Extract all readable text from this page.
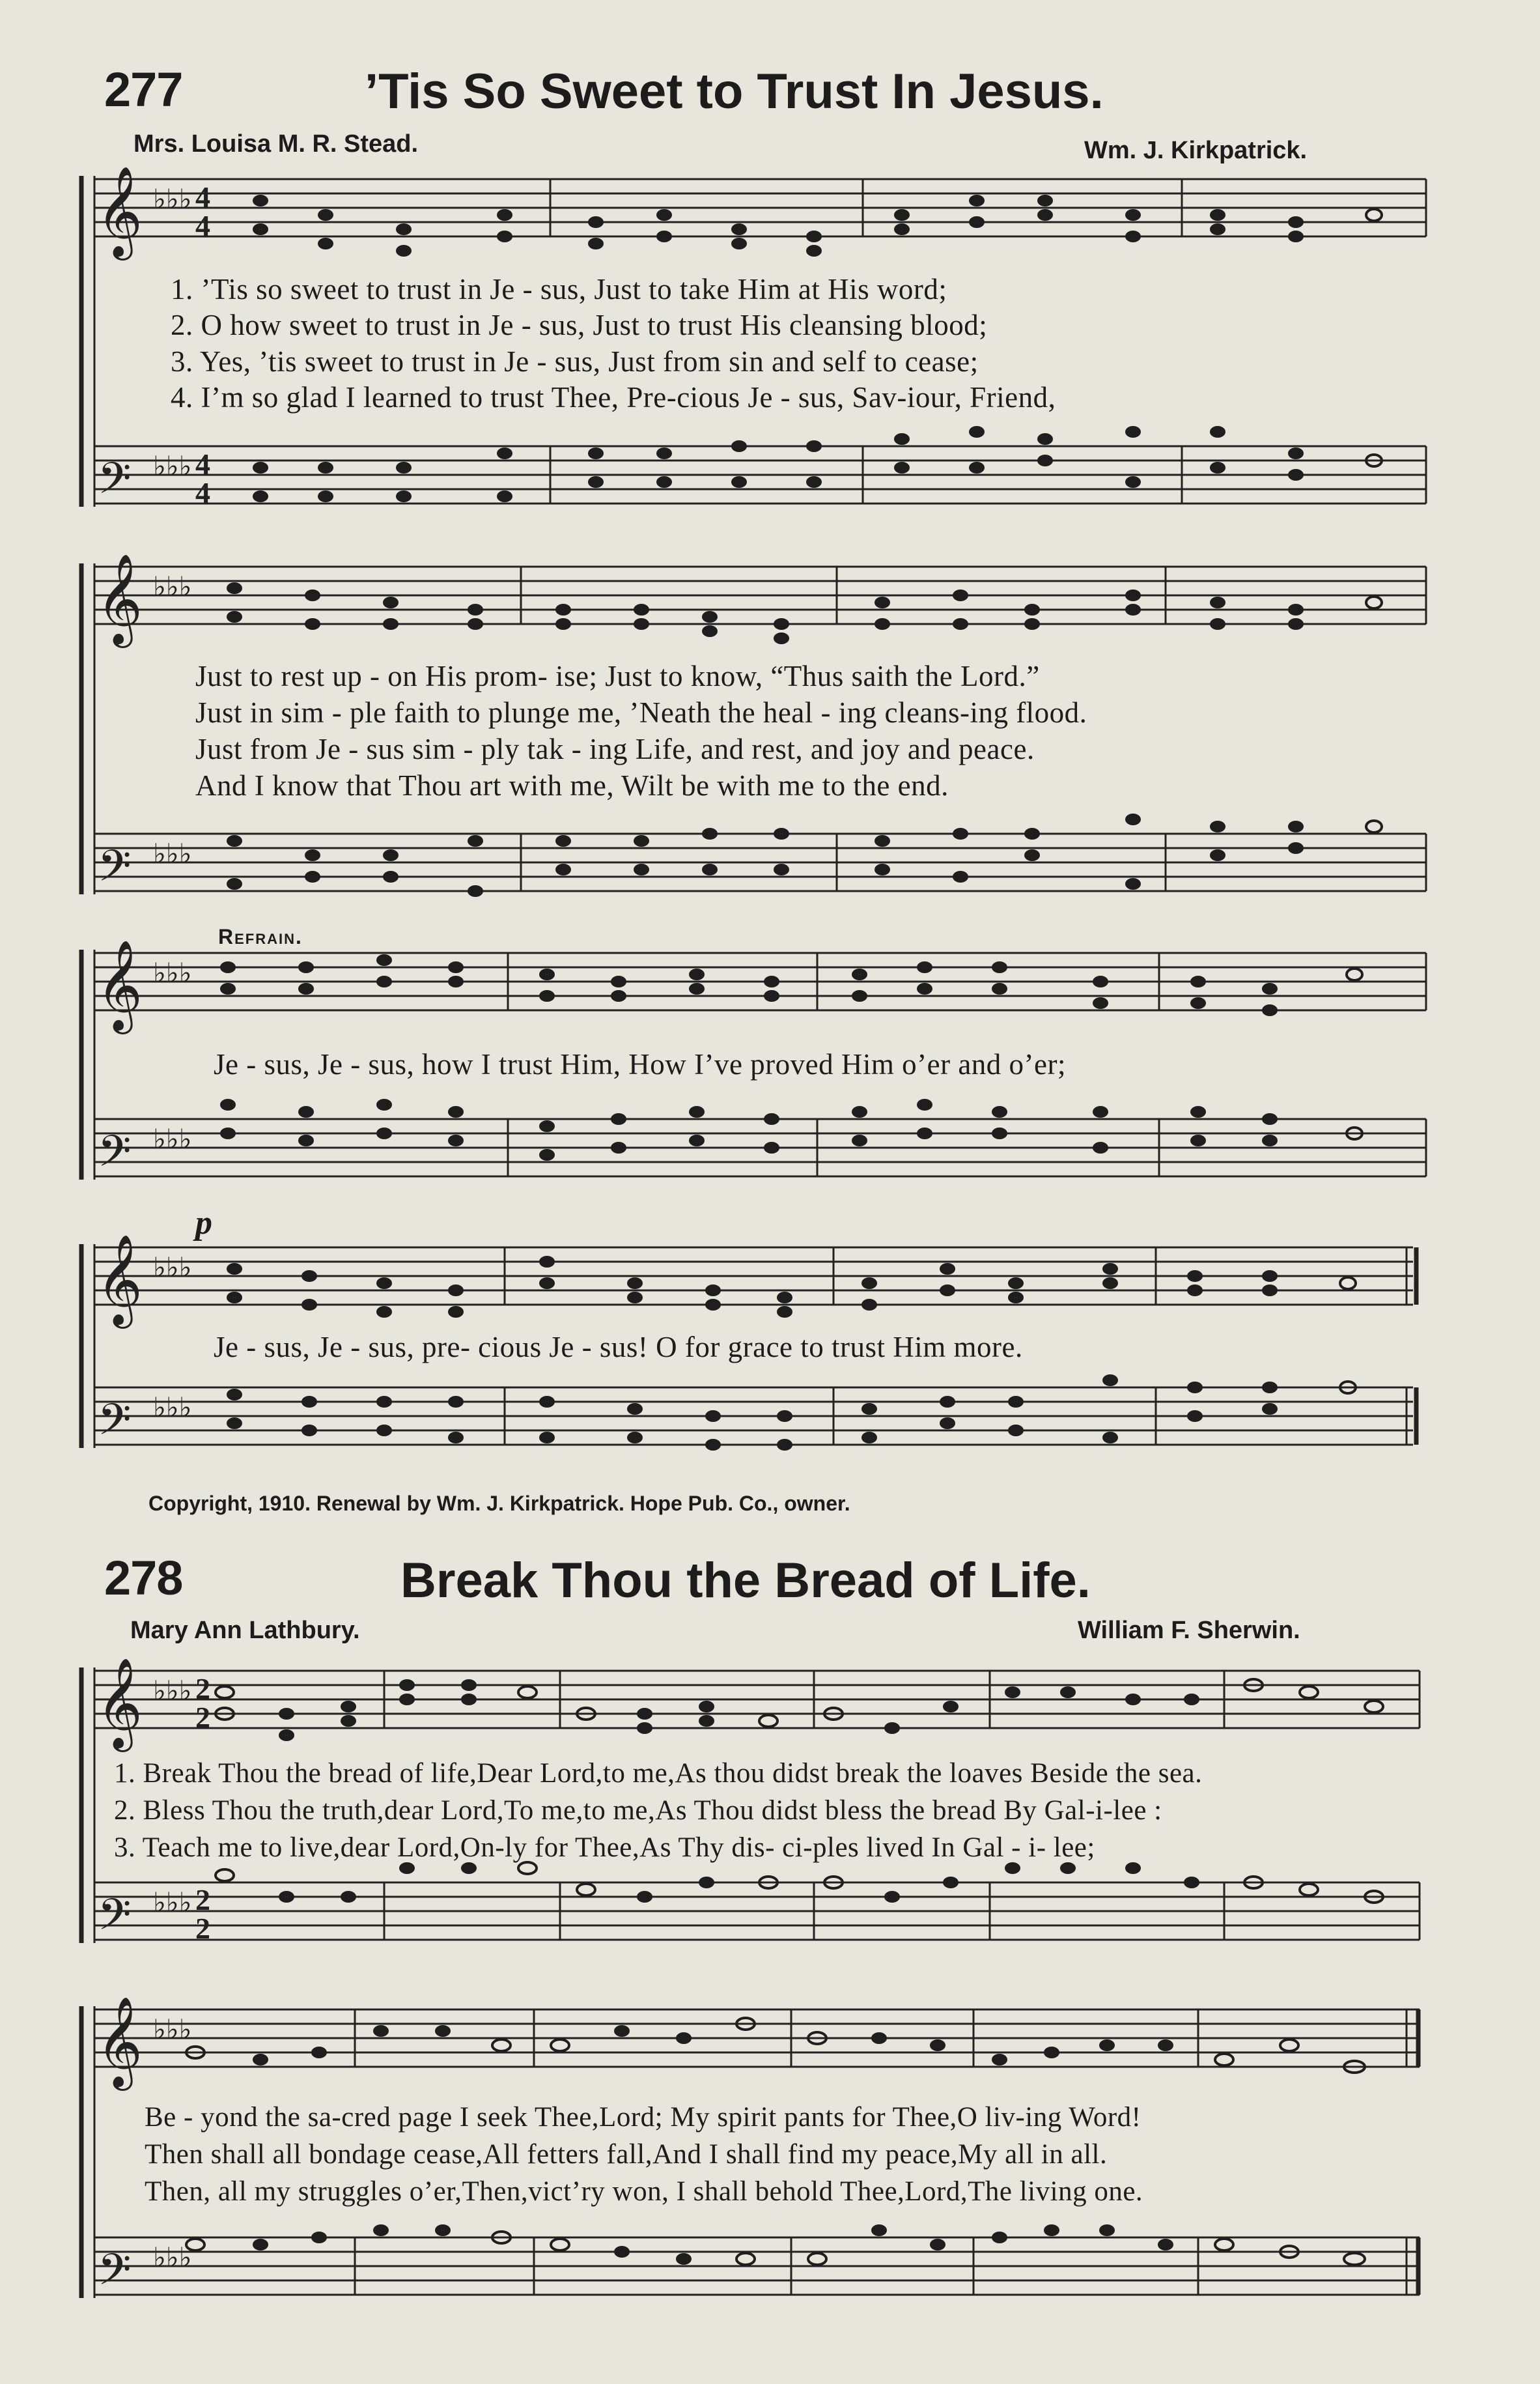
277	’Tis So Sweet to Trust In Jesus.
Mrs. Louisa M. R. Stead.	Wm. J. Kirkpatrick.
𝄞
𝄢
𝄞
𝄢
𝄞
𝄢
𝄞
𝄢
𝄞
𝄢
𝄞
𝄢
♭♭♭
♭♭♭
♭♭♭
♭♭♭
♭♭♭
♭♭♭
♭♭♭
♭♭♭
♭♭♭
♭♭♭
♭♭♭
♭♭♭
4
4
4
4
2
2
2
2
1. ’Tis so sweet to trust in Je - sus, Just to take Him at His word;
2. O how sweet to trust in Je - sus, Just to trust His cleansing blood;
3. Yes, ’tis sweet to trust in Je - sus, Just from sin and self to cease;
4. I’m so glad I learned to trust Thee, Pre-cious Je - sus, Sav-iour, Friend,
Just to rest up - on His prom- ise; Just to know, “Thus saith the Lord.”
Just in sim - ple faith to plunge me, ’Neath the heal - ing cleans-ing flood.
Just from Je - sus sim - ply tak - ing Life, and rest, and joy and peace.
And I know that Thou art with me, Wilt be with me to the end.
Refrain.
Je - sus, Je - sus, how I trust Him, How I’ve proved Him o’er and o’er;
p
Je - sus, Je - sus, pre- cious Je - sus! O for grace to trust Him more.
Copyright, 1910. Renewal by Wm. J. Kirkpatrick. Hope Pub. Co., owner.
278	Break Thou the Bread of Life.
Mary Ann Lathbury.	William F. Sherwin.
1. Break Thou the bread of life,Dear Lord,to me,As thou didst break the loaves Beside the sea.
2. Bless Thou the truth,dear Lord,To me,to me,As Thou didst bless the bread By Gal-i-lee :
3. Teach me to live,dear Lord,On-ly for Thee,As Thy dis- ci-ples lived In Gal - i- lee;
Be - yond the sa-cred page I seek Thee,Lord; My spirit pants for Thee,O liv-ing Word!
Then shall all bondage cease,All fetters fall,And I shall find my peace,My all in all.
Then, all my struggles o’er,Then,vict’ry won, I shall behold Thee,Lord,The living one.
